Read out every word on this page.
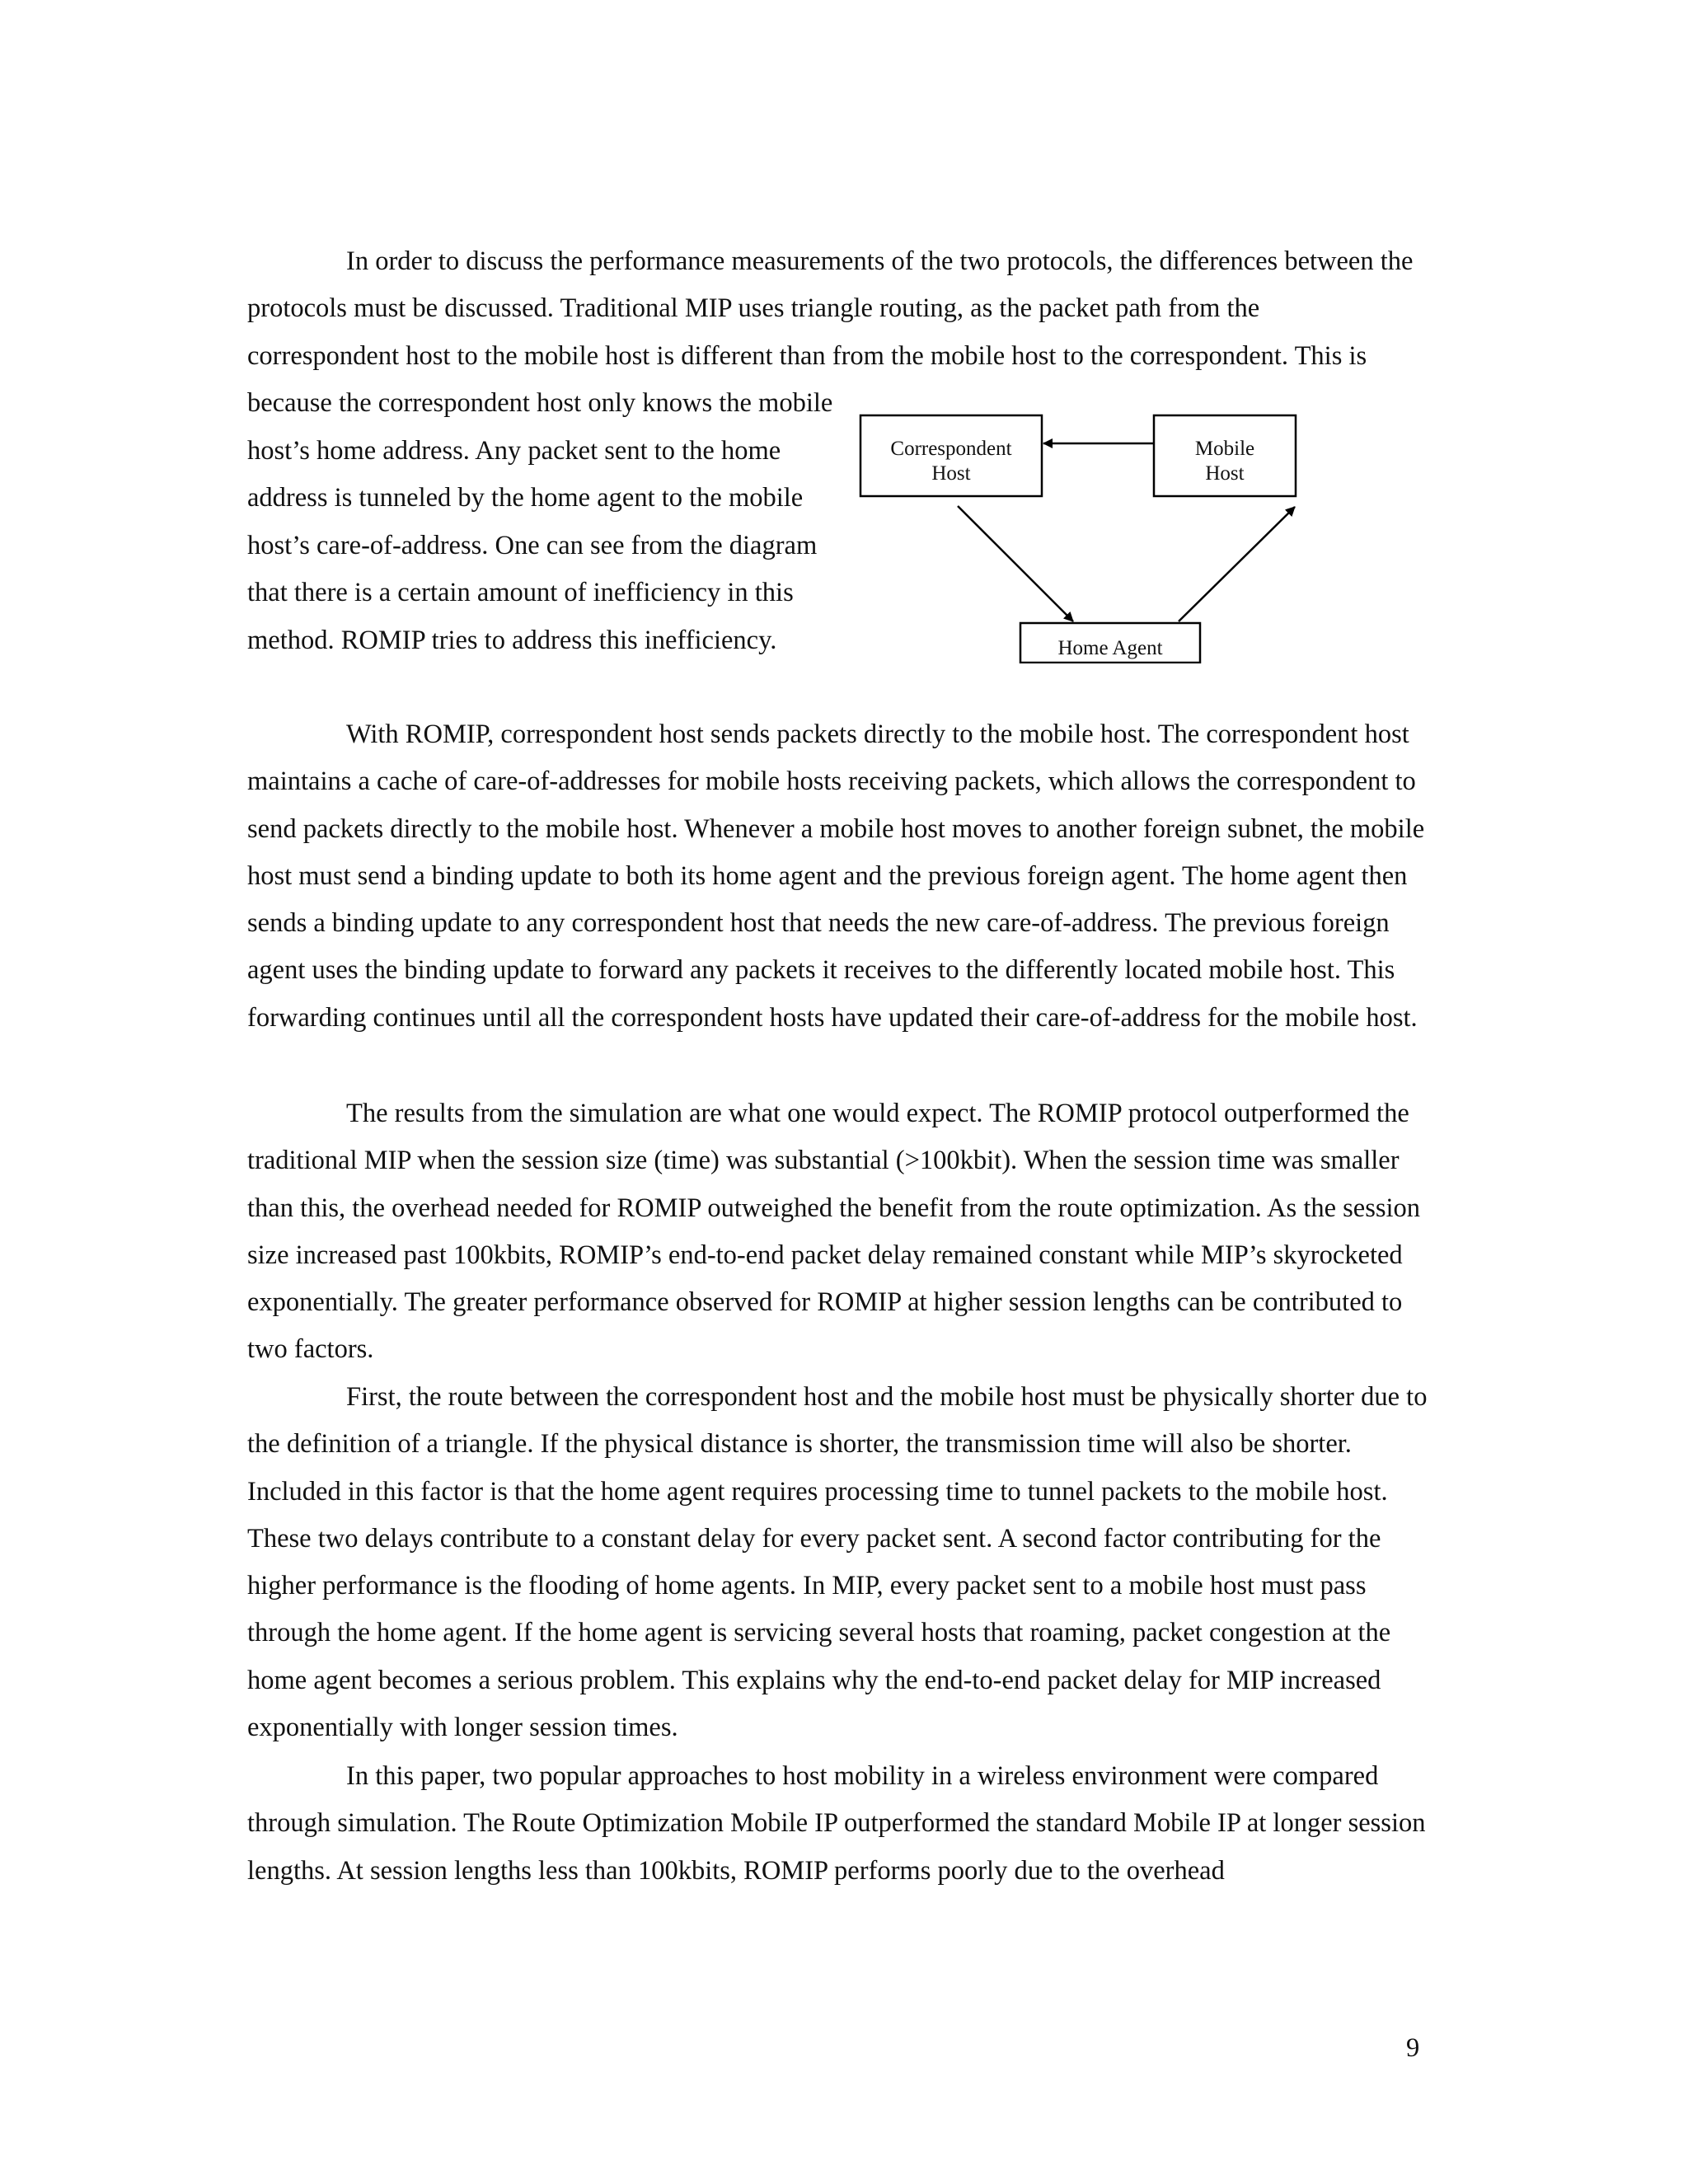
In order to discuss the performance measurements of the two protocols, the differences between the protocols must be discussed. Traditional MIP uses triangle routing, as the packet path from the correspondent host to the mobile host is different than from the mobile host to the correspondent. This is

because the correspondent host only knows the mobile host’s home address. Any packet sent to the home address is tunneled by the home agent to the mobile host’s care-of-address. One can see from the diagram that there is a certain amount of inefficiency in this method. ROMIP tries to address this inefficiency.

Correspondent
Host
Mobile
Host
Home Agent

With ROMIP, correspondent host sends packets directly to the mobile host. The correspondent host maintains a cache of care-of-addresses for mobile hosts receiving packets, which allows the correspondent to send packets directly to the mobile host. Whenever a mobile host moves to another foreign subnet, the mobile host must send a binding update to both its home agent and the previous foreign agent. The home agent then sends a binding update to any correspondent host that needs the new care-of-address. The previous foreign agent uses the binding update to forward any packets it receives to the differently located mobile host. This forwarding continues until all the correspondent hosts have updated their care-of-address for the mobile host.

The results from the simulation are what one would expect. The ROMIP protocol outperformed the traditional MIP when the session size (time) was substantial (>100kbit). When the session time was smaller than this, the overhead needed for ROMIP outweighed the benefit from the route optimization. As the session size increased past 100kbits, ROMIP’s end-to-end packet delay remained constant while MIP’s skyrocketed exponentially. The greater performance observed for ROMIP at higher session lengths can be contributed to two factors.

First, the route between the correspondent host and the mobile host must be physically shorter due to the definition of a triangle. If the physical distance is shorter, the transmission time will also be shorter. Included in this factor is that the home agent requires processing time to tunnel packets to the mobile host. These two delays contribute to a constant delay for every packet sent. A second factor contributing for the higher performance is the flooding of home agents. In MIP, every packet sent to a mobile host must pass through the home agent. If the home agent is servicing several hosts that roaming, packet congestion at the home agent becomes a serious problem. This explains why the end-to-end packet delay for MIP increased exponentially with longer session times.

In this paper, two popular approaches to host mobility in a wireless environment were compared through simulation. The Route Optimization Mobile IP outperformed the standard Mobile IP at longer session lengths. At session lengths less than 100kbits, ROMIP performs poorly due to the overhead

9
